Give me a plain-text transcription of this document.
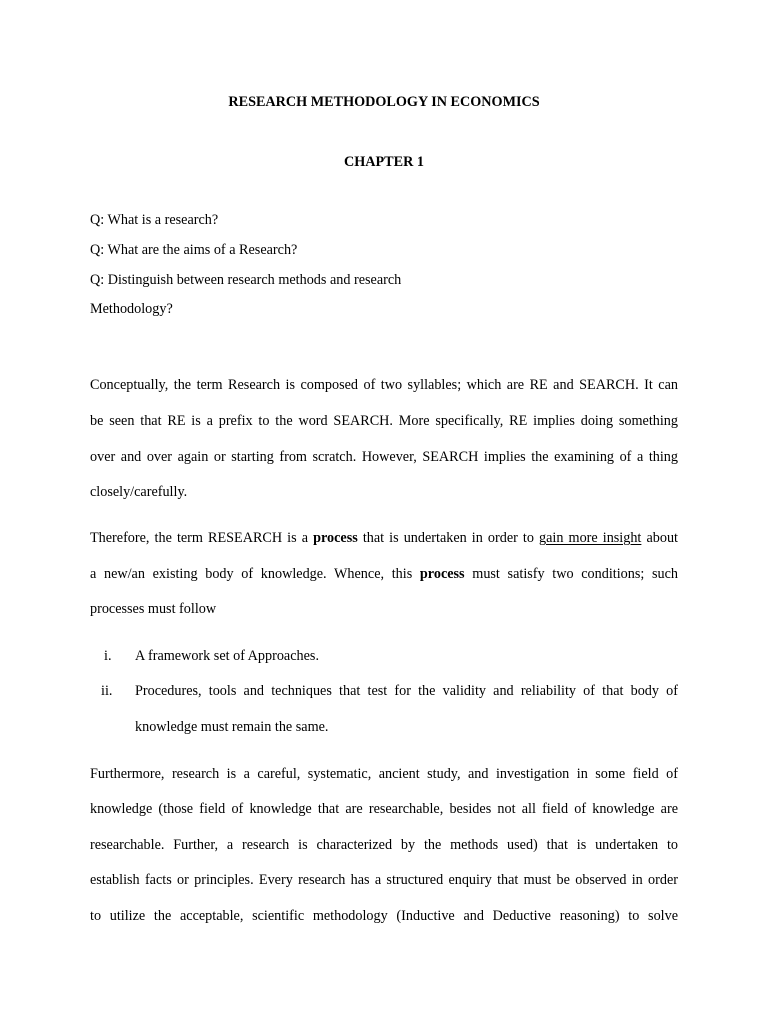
RESEARCH METHODOLOGY IN ECONOMICS
CHAPTER 1
Q: What is a research?
Q: What are the aims of a Research?
Q: Distinguish between research methods and research
Methodology?
Conceptually, the term Research is composed of two syllables; which are RE and SEARCH. It can
be seen that RE is a prefix to the word SEARCH. More specifically, RE implies doing something
over and over again or starting from scratch. However, SEARCH implies the examining of a thing
closely/carefully.
Therefore, the term RESEARCH is a process that is undertaken in order to gain more insight about
a new/an existing body of knowledge. Whence, this process must satisfy two conditions; such
processes must follow
i. A framework set of Approaches.
ii. Procedures, tools and techniques that test for the validity and reliability of that body of
knowledge must remain the same.
Furthermore, research is a careful, systematic, ancient study, and investigation in some field of
knowledge (those field of knowledge that are researchable, besides not all field of knowledge are
researchable. Further, a research is characterized by the methods used) that is undertaken to
establish facts or principles. Every research has a structured enquiry that must be observed in order
to utilize the acceptable, scientific methodology (Inductive and Deductive reasoning) to solve
